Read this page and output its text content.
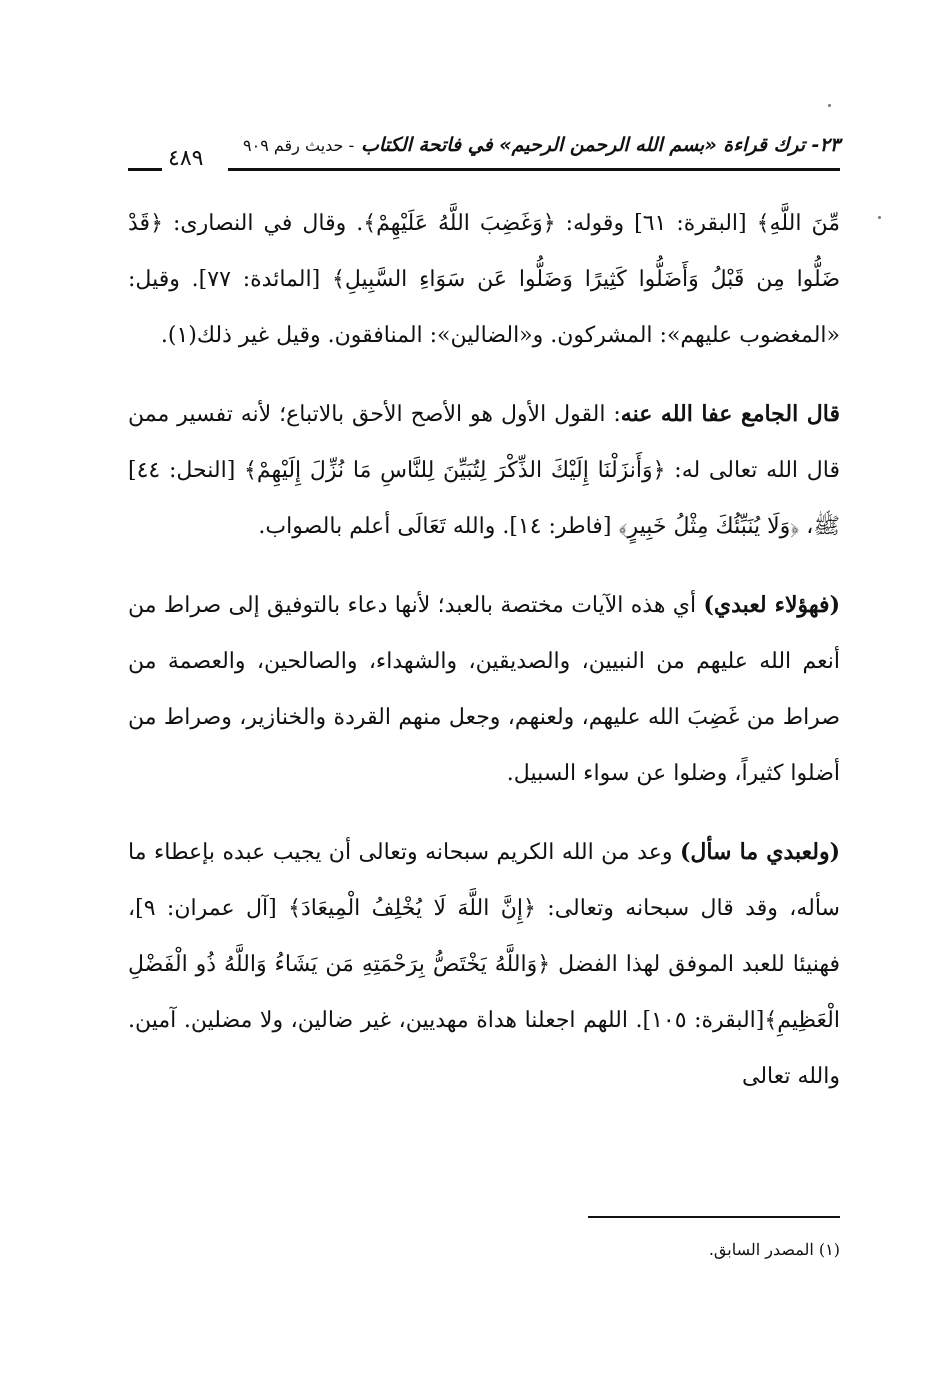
٢٣- ترك قراءة «بسم الله الرحمن الرحيم» في فاتحة الكتاب - حديث رقم ٩٠٩
٤٨٩
مِّنَ اللَّهِ﴾ [البقرة: ٦١] وقوله: ﴿وَغَضِبَ اللَّهُ عَلَيْهِمْ﴾. وقال في النصارى: ﴿قَدْ ضَلُّوا مِن قَبْلُ وَأَضَلُّوا كَثِيرًا وَضَلُّوا عَن سَوَاءِ السَّبِيلِ﴾ [المائدة: ٧٧]. وقيل: «المغضوب عليهم»: المشركون. و«الضالين»: المنافقون. وقيل غير ذلك(١).
قال الجامع عفا الله عنه: القول الأول هو الأصح الأحق بالاتباع؛ لأنه تفسير ممن قال الله تعالى له: ﴿وَأَنزَلْنَا إِلَيْكَ الذِّكْرَ لِتُبَيِّنَ لِلنَّاسِ مَا نُزِّلَ إِلَيْهِمْ﴾ [النحل: ٤٤] ﷺ، ﴿وَلَا يُنَبِّئُكَ مِثْلُ خَبِيرٍ﴾ [فاطر: ١٤]. والله تَعَالَى أعلم بالصواب.
(فهؤلاء لعبدي) أي هذه الآيات مختصة بالعبد؛ لأنها دعاء بالتوفيق إلى صراط من أنعم الله عليهم من النبيين، والصديقين، والشهداء، والصالحين، والعصمة من صراط من غَضِبَ الله عليهم، ولعنهم، وجعل منهم القردة والخنازير، وصراط من أضلوا كثيراً، وضلوا عن سواء السبيل.
(ولعبدي ما سأل) وعد من الله الكريم سبحانه وتعالى أن يجيب عبده بإعطاء ما سأله، وقد قال سبحانه وتعالى: ﴿إِنَّ اللَّهَ لَا يُخْلِفُ الْمِيعَادَ﴾ [آل عمران: ٩]، فهنيئا للعبد الموفق لهذا الفضل ﴿وَاللَّهُ يَخْتَصُّ بِرَحْمَتِهِ مَن يَشَاءُ وَاللَّهُ ذُو الْفَضْلِ الْعَظِيمِ﴾[البقرة: ١٠٥]. اللهم اجعلنا هداة مهديين، غير ضالين، ولا مضلين. آمين. والله تعالى
(١) المصدر السابق.
